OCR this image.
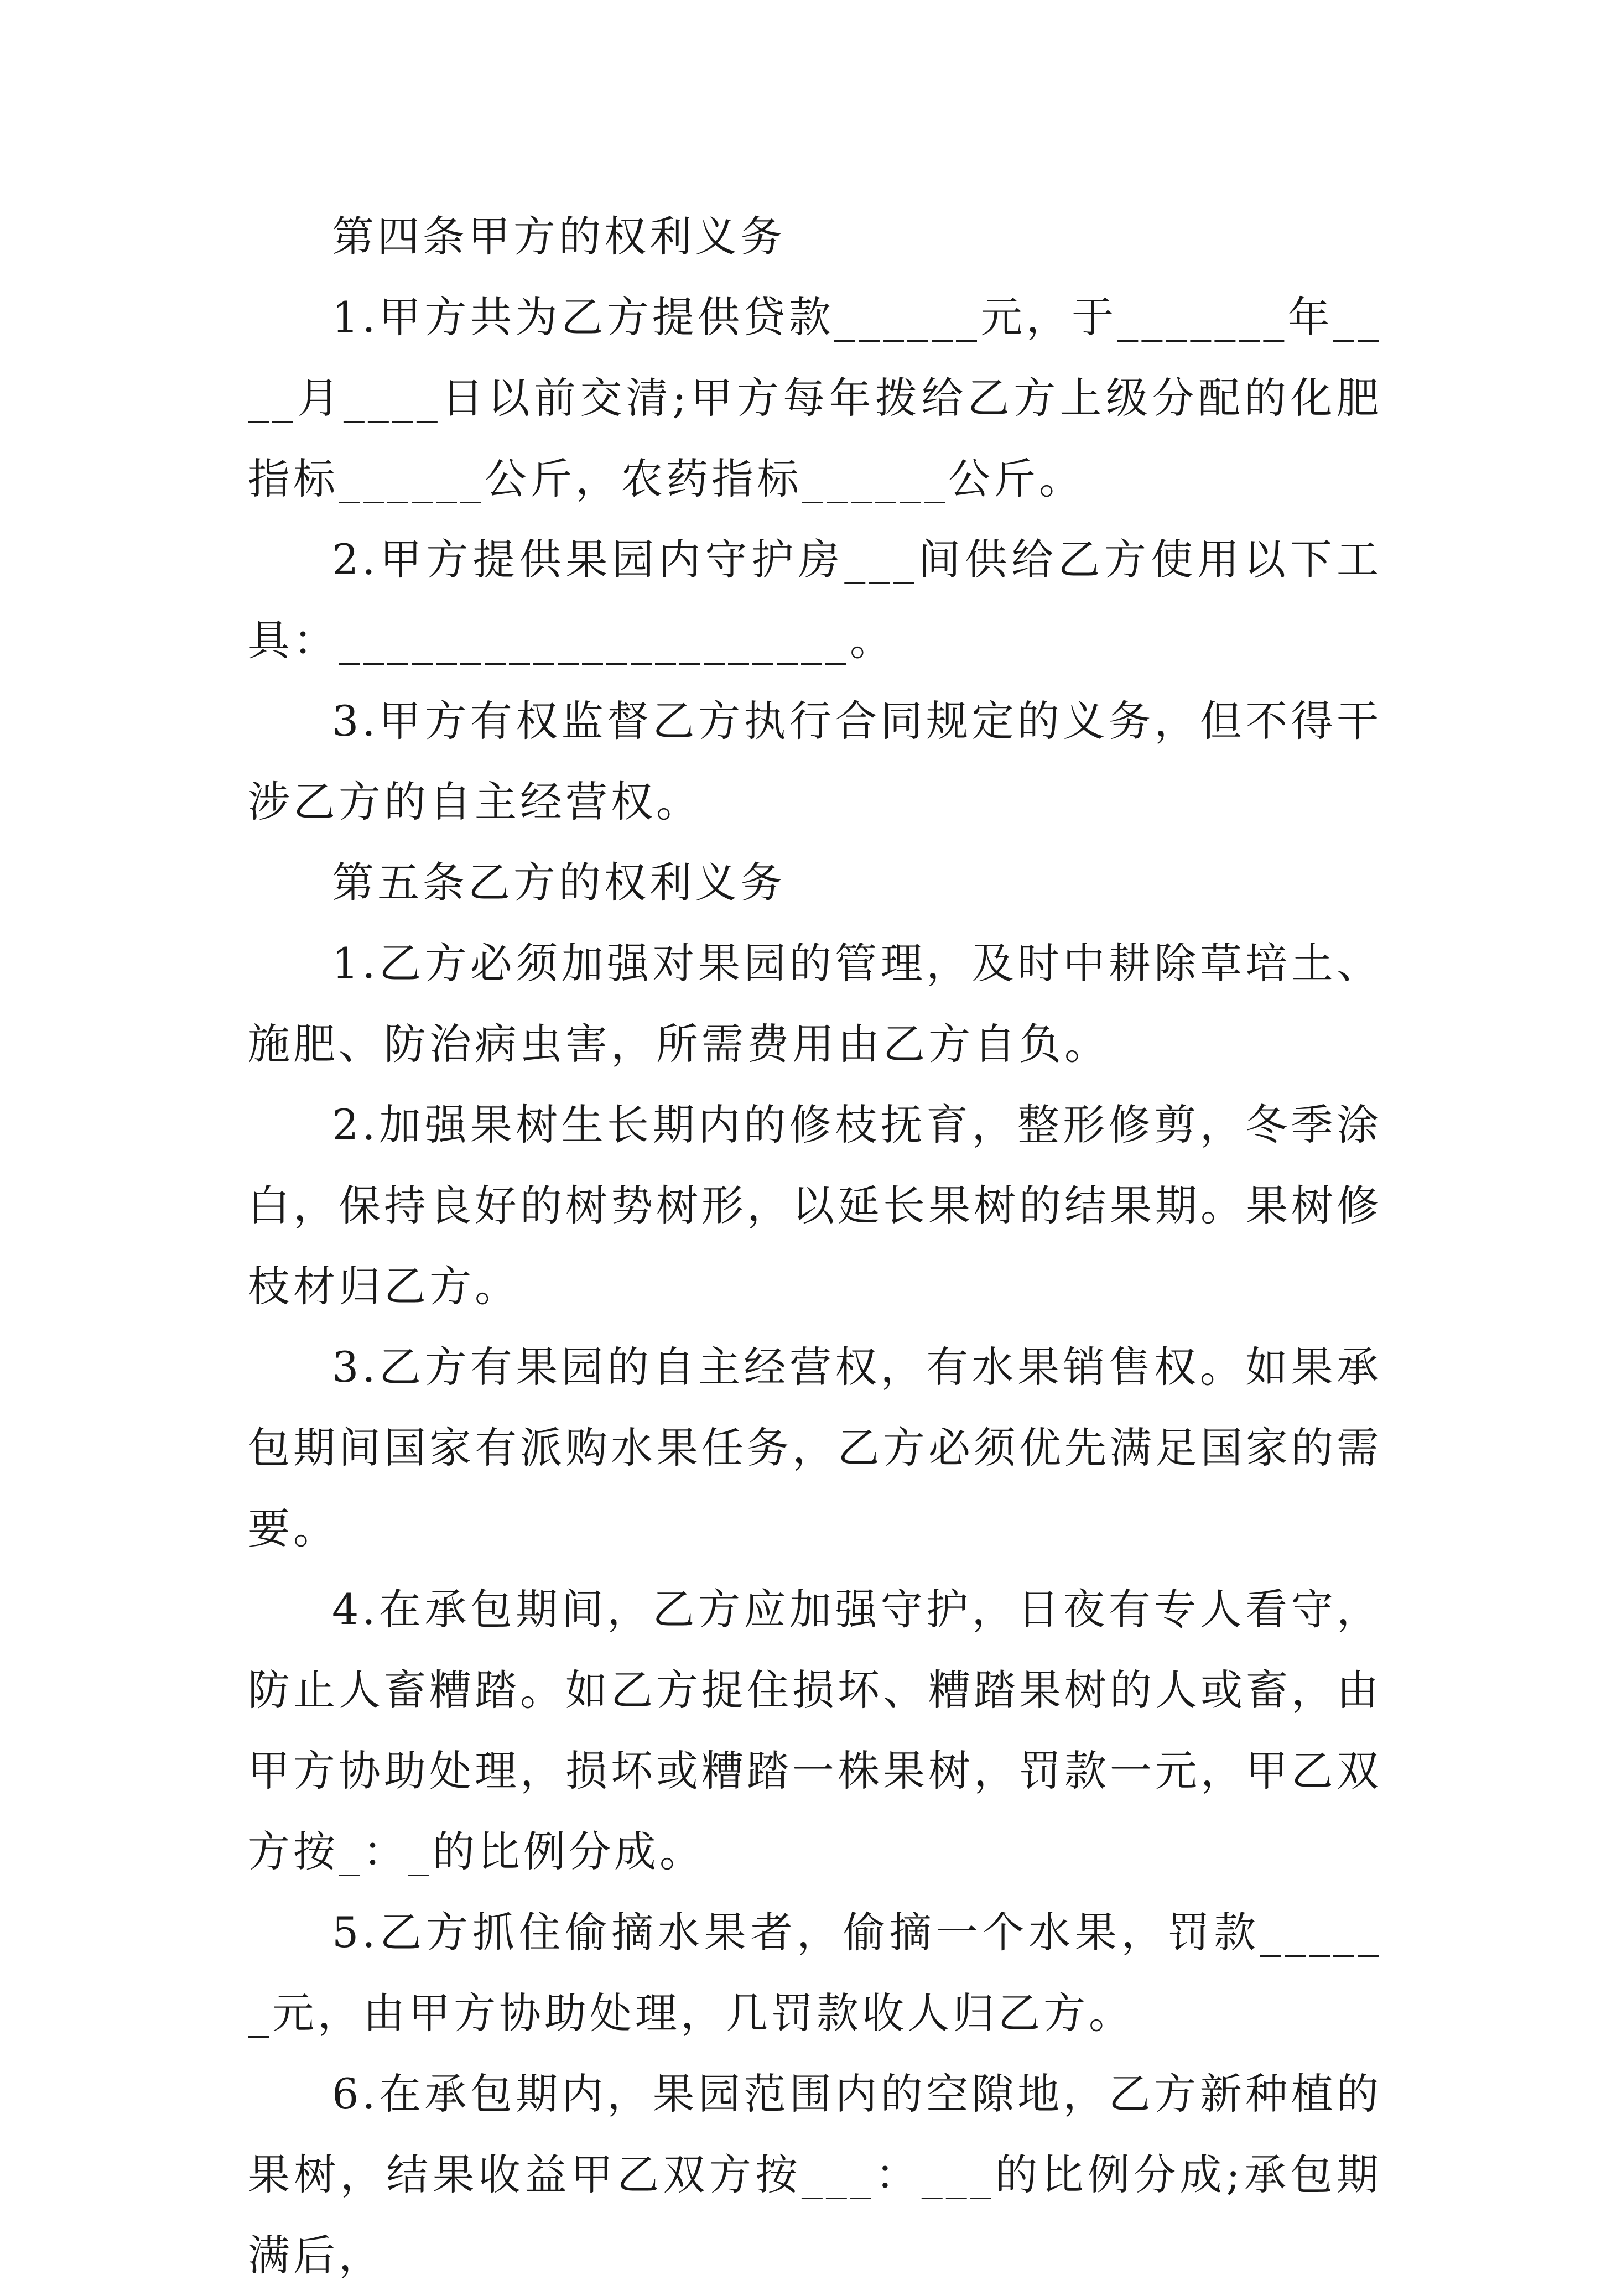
第四条甲方的权利义务

1.甲方共为乙方提供贷款______元，于_______年____月____日以前交清;甲方每年拨给乙方上级分配的化肥指标______公斤，农药指标______公斤。

2.甲方提供果园内守护房___间供给乙方使用以下工具：_____________________。

3.甲方有权监督乙方执行合同规定的义务，但不得干涉乙方的自主经营权。

第五条乙方的权利义务

1.乙方必须加强对果园的管理，及时中耕除草培土、施肥、防治病虫害，所需费用由乙方自负。

2.加强果树生长期内的修枝抚育，整形修剪，冬季涂白，保持良好的树势树形，以延长果树的结果期。果树修枝材归乙方。

3.乙方有果园的自主经营权，有水果销售权。如果承包期间国家有派购水果任务，乙方必须优先满足国家的需要。

4.在承包期间，乙方应加强守护，日夜有专人看守，防止人畜糟踏。如乙方捉住损坏、糟踏果树的人或畜，由甲方协助处理，损坏或糟踏一株果树，罚款一元，甲乙双方按_：_的比例分成。

5.乙方抓住偷摘水果者，偷摘一个水果，罚款______元，由甲方协助处理，几罚款收人归乙方。

6.在承包期内，果园范围内的空隙地，乙方新种植的果树，结果收益甲乙双方按___：___的比例分成;承包期满后，
